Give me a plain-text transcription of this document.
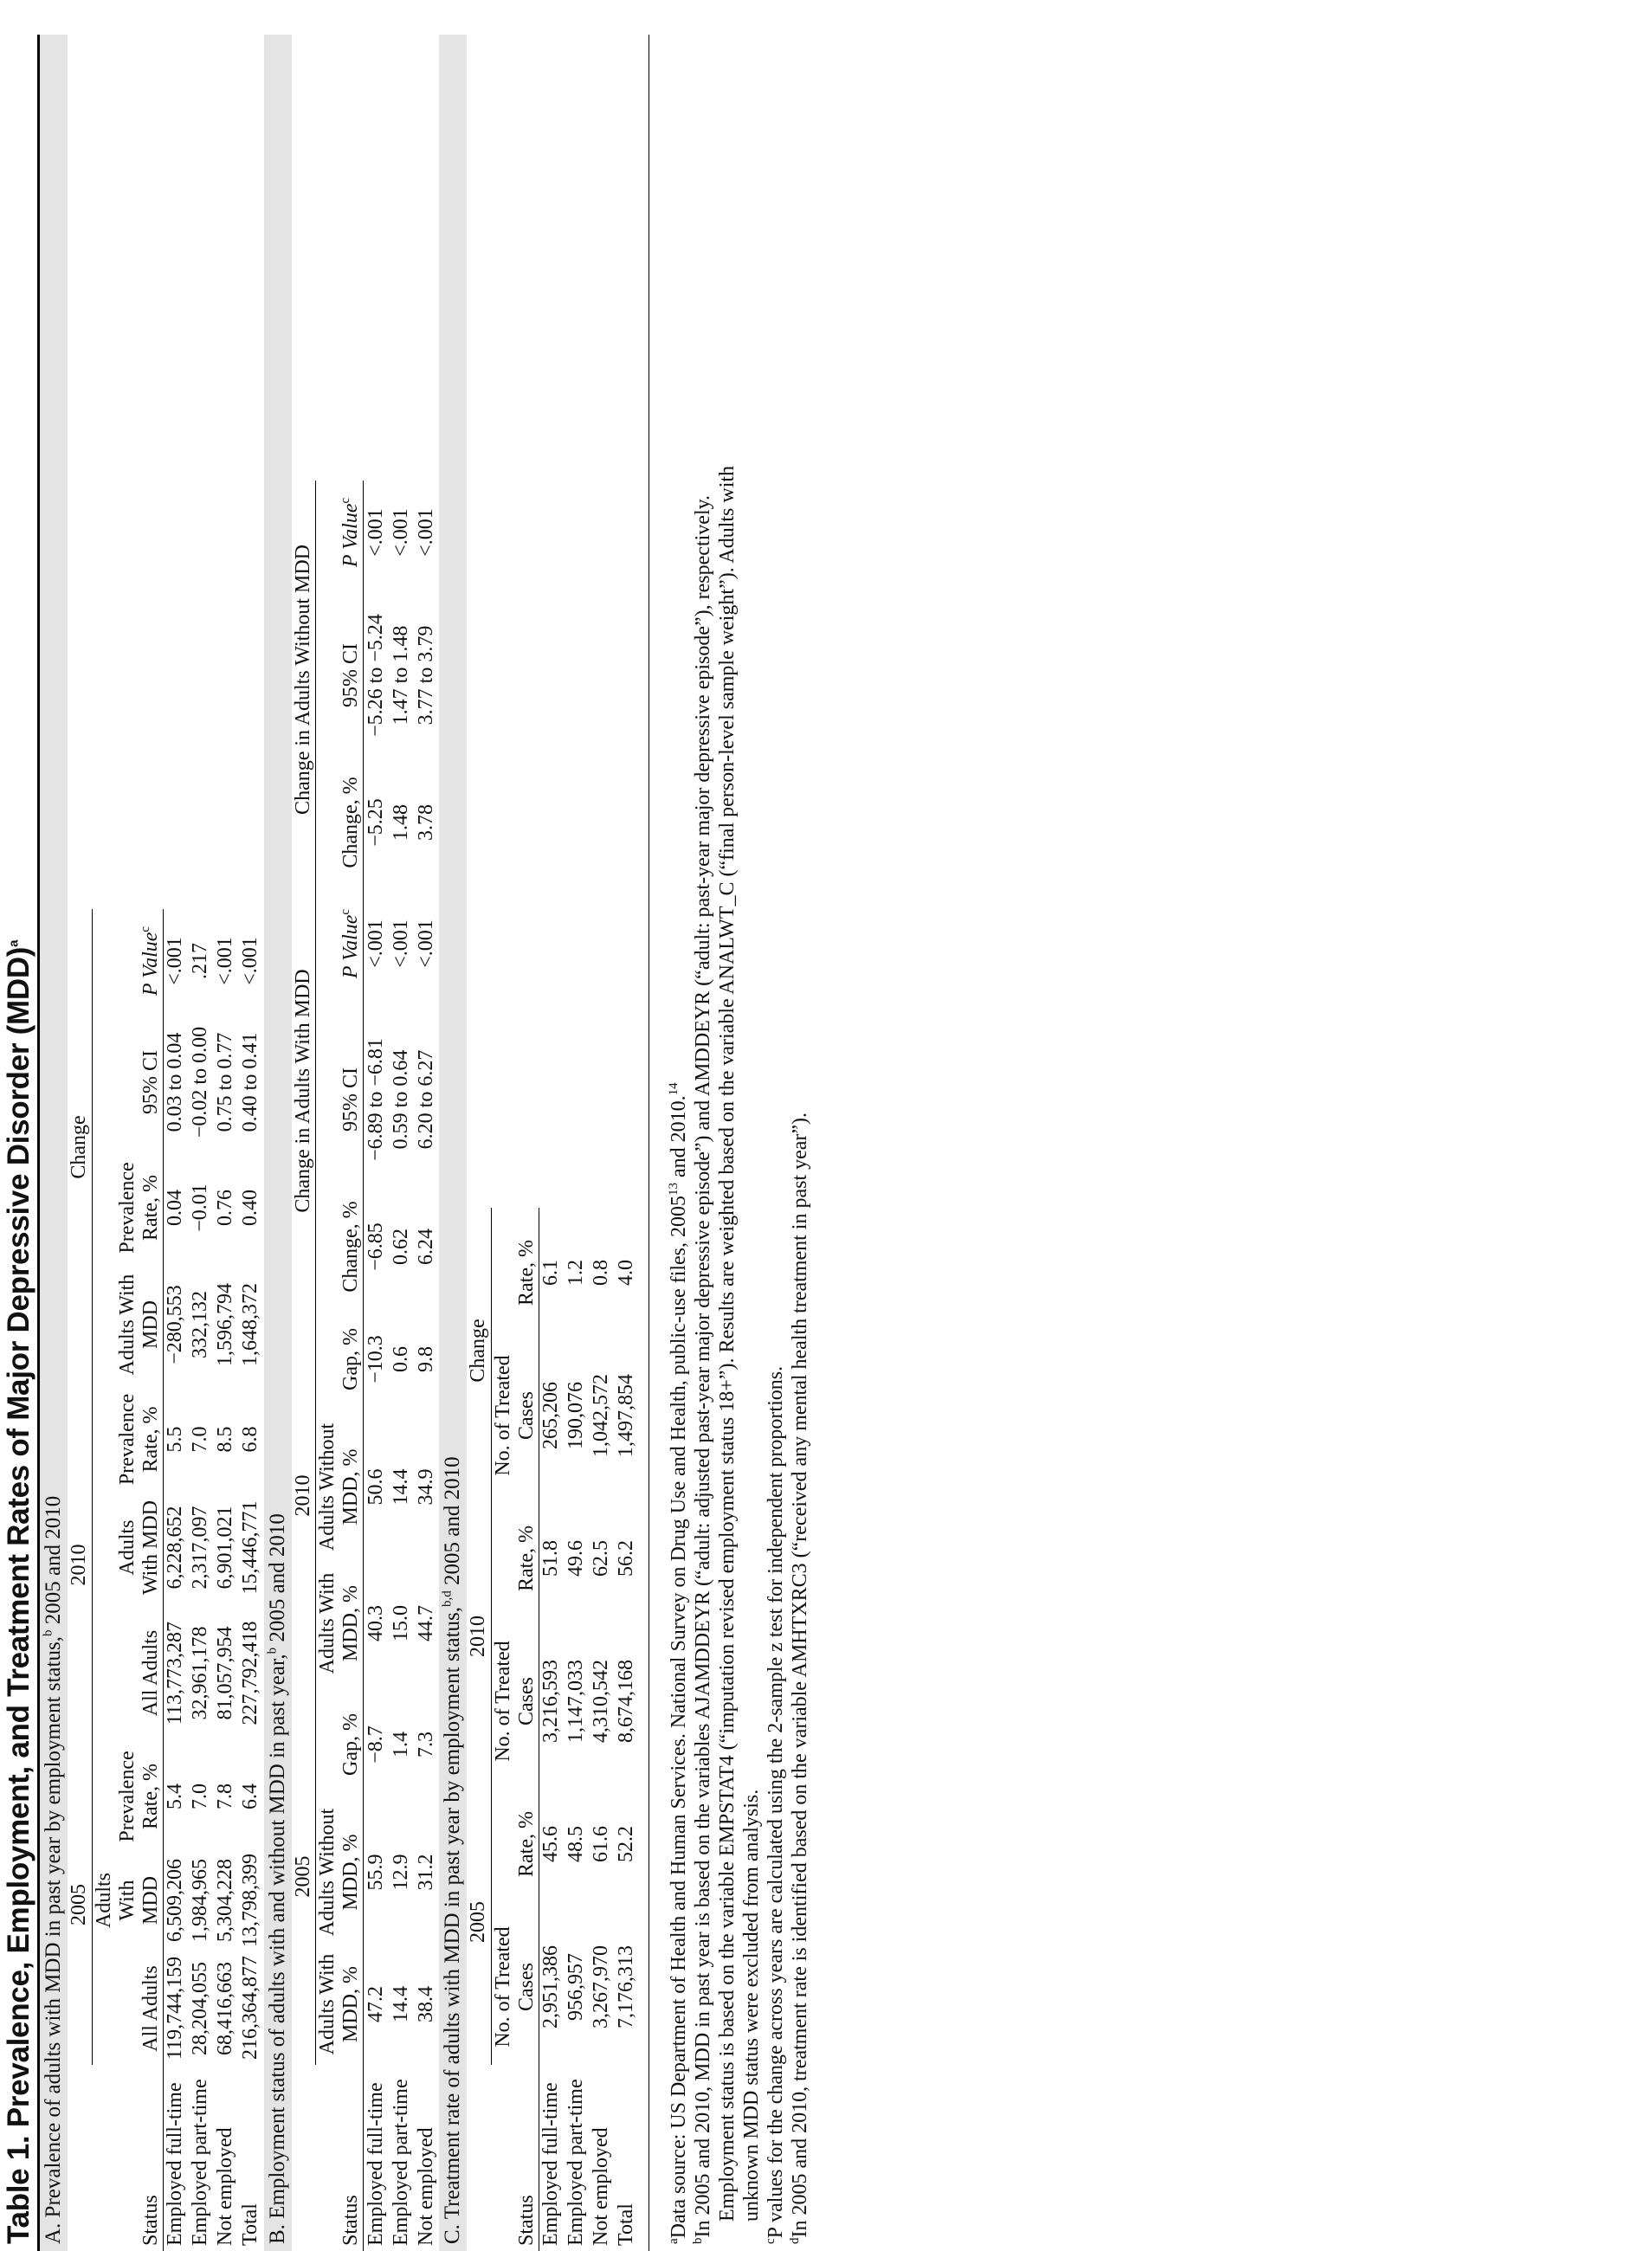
Table 1. Prevalence, Employment, and Treatment Rates of Major Depressive Disorder (MDD)$^a$
A. Prevalence of adults with MDD in past year by employment status,$^b$ 2005 and 2010
	2005			2010			Change				
Status	All Adults	Adults With MDD	Prevalence Rate, %	All Adults	Adults With MDD	Prevalence Rate, %	Adults With MDD	Prevalence Rate, %	95% CI	P Value$^c$	
Employed full-time	119,744,159	6,509,206	5.4	113,773,287	6,228,652	5.5	−280,553	0.04	0.03 to 0.04	<.001	
Employed part-time	28,204,055	1,984,965	7.0	32,961,178	2,317,097	7.0	332,132	−0.01	−0.02 to 0.00	.217	
Not employed	68,416,663	5,304,228	7.8	81,057,954	6,901,021	8.5	1,596,794	0.76	0.75 to 0.77	<.001	
Total	216,364,877	13,798,399	6.4	227,792,418	15,446,771	6.8	1,648,372	0.40	0.40 to 0.41	<.001	
B. Employment status of adults with and without MDD in past year,$^b$ 2005 and 2010
	2005			2010			Change in Adults With MDD			Change in Adults Without MDD			
Status	Adults With MDD, %	Adults Without MDD, %	Gap, %	Adults With MDD, %	Adults Without MDD, %	Gap, %	Change, %	95% CI	P Value$^c$	Change, %	95% CI	P Value$^c$	
Employed full-time	47.2	55.9	−8.7	40.3	50.6	−10.3	−6.85	−6.89 to −6.81	<.001	−5.25	−5.26 to −5.24	<.001	
Employed part-time	14.4	12.9	1.4	15.0	14.4	0.6	0.62	0.59 to 0.64	<.001	1.48	1.47 to 1.48	<.001	
Not employed	38.4	31.2	7.3	44.7	34.9	9.8	6.24	6.20 to 6.27	<.001	3.78	3.77 to 3.79	<.001	
C. Treatment rate of adults with MDD in past year by employment status,$^{b,d}$ 2005 and 2010
	2005		2010		Change		
Status	No. of Treated Cases	Rate, %	No. of Treated Cases	Rate, %	No. of Treated Cases	Rate, %	
Employed full-time	2,951,386	45.6	3,216,593	51.8	265,206	6.1	
Employed part-time	956,957	48.5	1,147,033	49.6	190,076	1.2	
Not employed	3,267,970	61.6	4,310,542	62.5	1,042,572	0.8	
Total	7,176,313	52.2	8,674,168	56.2	1,497,854	4.0	

$^a$Data source: US Department of Health and Human Services. National Survey on Drug Use and Health, public-use files, 2005$^{13}$ and 2010.14

$^b$In 2005 and 2010, MDD in past year is based on the variables AJAMDDEYR (“adult: adjusted past-year major depressive episode”) and AMDDEYR (“adult: past-year major depressive episode”), respectively. Employment status is based on the variable EMPSTAT4 (“imputation revised employment status 18+”). Results are weighted based on the variable ANALWT_C (“final person-level sample weight”). Adults with unknown MDD status were excluded from analysis.

$^c$P values for the change across years are calculated using the 2-sample z test for independent proportions.

$^d$In 2005 and 2010, treatment rate is identified based on the variable AMHTXRC3 (“received any mental health treatment in past year”).
